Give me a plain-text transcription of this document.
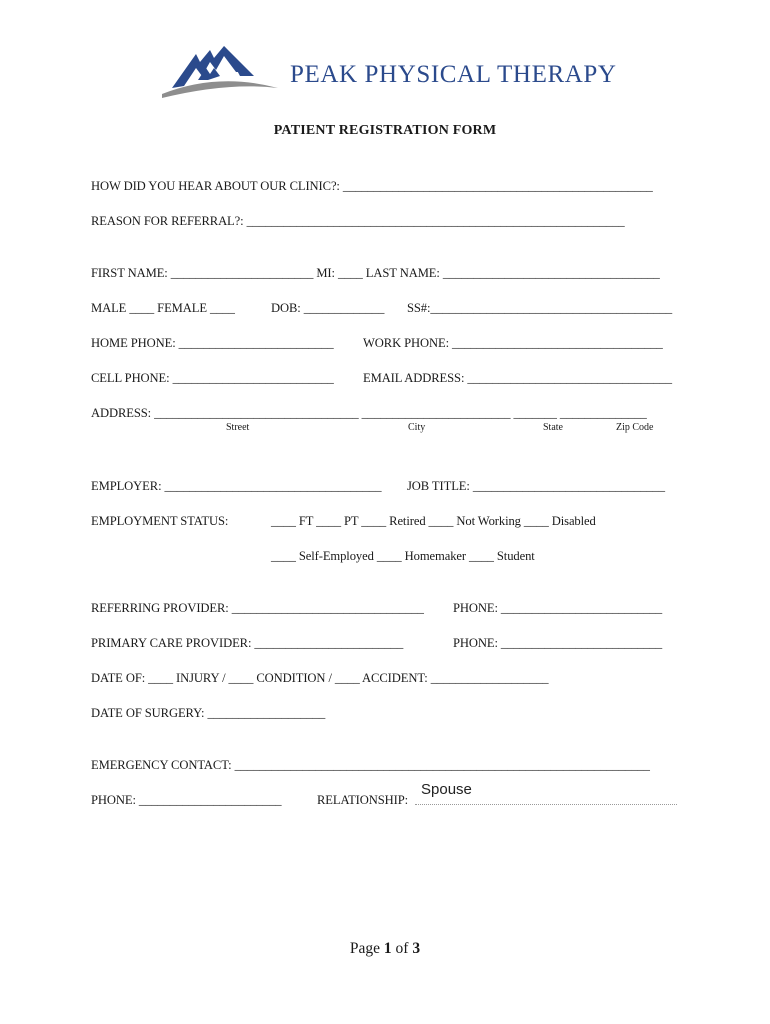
PEAK PHYSICAL THERAPY
PATIENT REGISTRATION FORM
HOW DID YOU HEAR ABOUT OUR CLINIC?: __________________________________________________
REASON FOR REFERRAL?: _____________________________________________________________
FIRST NAME: _______________________ MI: ____ LAST NAME: ___________________________________
MALE ____ FEMALE ____	DOB: _____________ SS#:_______________________________________
HOME PHONE: _________________________ WORK PHONE: __________________________________
CELL PHONE: __________________________ EMAIL ADDRESS: _________________________________
ADDRESS: _________________________________ ________________________ _______ ______________
Street	City	State	Zip Code
EMPLOYER: ___________________________________ JOB TITLE: _______________________________
EMPLOYMENT STATUS:	____ FT ____ PT ____ Retired ____ Not Working ____ Disabled
____ Self-Employed ____ Homemaker ____ Student
REFERRING PROVIDER: _______________________________ PHONE: __________________________
PRIMARY CARE PROVIDER: ________________________	PHONE: __________________________
DATE OF: ____ INJURY / ____ CONDITION / ____ ACCIDENT: ___________________
DATE OF SURGERY: ___________________
EMERGENCY CONTACT: ___________________________________________________________________
PHONE: _______________________	RELATIONSHIP:
Spouse
Page 1 of 3
